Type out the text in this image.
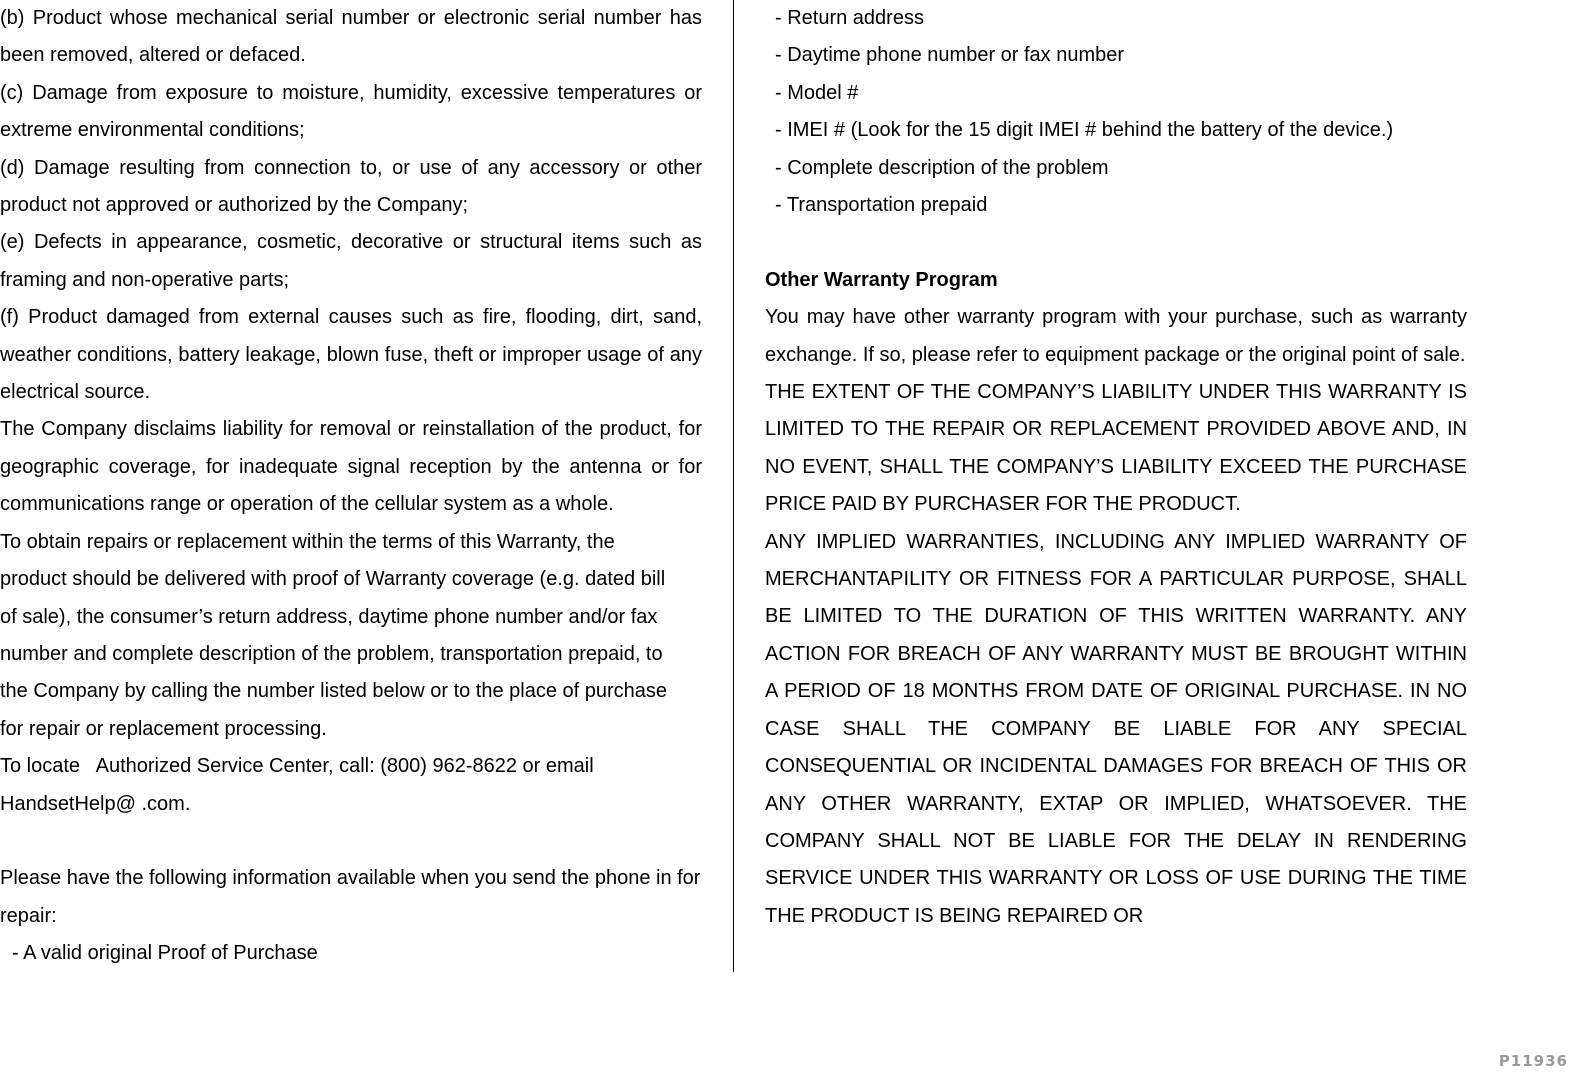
(b) Product whose mechanical serial number or electronic serial number has been removed, altered or defaced.

(c) Damage from exposure to moisture, humidity, excessive temperatures or extreme environmental conditions;

(d) Damage resulting from connection to, or use of any accessory or other product not approved or authorized by the Company;

(e) Defects in appearance, cosmetic, decorative or structural items such as framing and non-operative parts;

(f) Product damaged from external causes such as fire, flooding, dirt, sand, weather conditions, battery leakage, blown fuse, theft or improper usage of any electrical source.

The Company disclaims liability for removal or reinstallation of the product, for geographic coverage, for inadequate signal reception by the antenna or for communications range or operation of the cellular system as a whole.

To obtain repairs or replacement within the terms of this Warranty, the
product should be delivered with proof of Warranty coverage (e.g. dated bill
of sale), the consumer’s return address, daytime phone number and/or fax
number and complete description of the problem, transportation prepaid, to
the Company by calling the number listed below or to the place of purchase
for repair or replacement processing.
To locate   Authorized Service Center, call: (800) 962-8622 or email
HandsetHelp@ .com.

Please have the following information available when you send the phone in for repair:

- A valid original Proof of Purchase
- Return address
- Daytime phone number or fax number
- Model #
- IMEI # (Look for the 15 digit IMEI # behind the battery of the device.)
- Complete description of the problem
- Transportation prepaid
Other Warranty Program

You may have other warranty program with your purchase, such as warranty exchange. If so, please refer to equipment package or the original point of sale.

THE EXTENT OF THE COMPANY’S LIABILITY UNDER THIS WARRANTY IS LIMITED TO THE REPAIR OR REPLACEMENT PROVIDED ABOVE AND, IN NO EVENT, SHALL THE COMPANY’S LIABILITY EXCEED THE PURCHASE PRICE PAID BY PURCHASER FOR THE PRODUCT.

ANY IMPLIED WARRANTIES, INCLUDING ANY IMPLIED WARRANTY OF MERCHANTAPILITY OR FITNESS FOR A PARTICULAR PURPOSE, SHALL BE LIMITED TO THE DURATION OF THIS WRITTEN WARRANTY. ANY ACTION FOR BREACH OF ANY WARRANTY MUST BE BROUGHT WITHIN A PERIOD OF 18 MONTHS FROM DATE OF ORIGINAL PURCHASE. IN NO CASE SHALL THE COMPANY BE LIABLE FOR ANY SPECIAL CONSEQUENTIAL OR INCIDENTAL DAMAGES FOR BREACH OF THIS OR ANY OTHER WARRANTY, EXTAP OR IMPLIED, WHATSOEVER. THE COMPANY SHALL NOT BE LIABLE FOR THE DELAY IN RENDERING SERVICE UNDER THIS WARRANTY OR LOSS OF USE DURING THE TIME THE PRODUCT IS BEING REPAIRED OR

P11936
